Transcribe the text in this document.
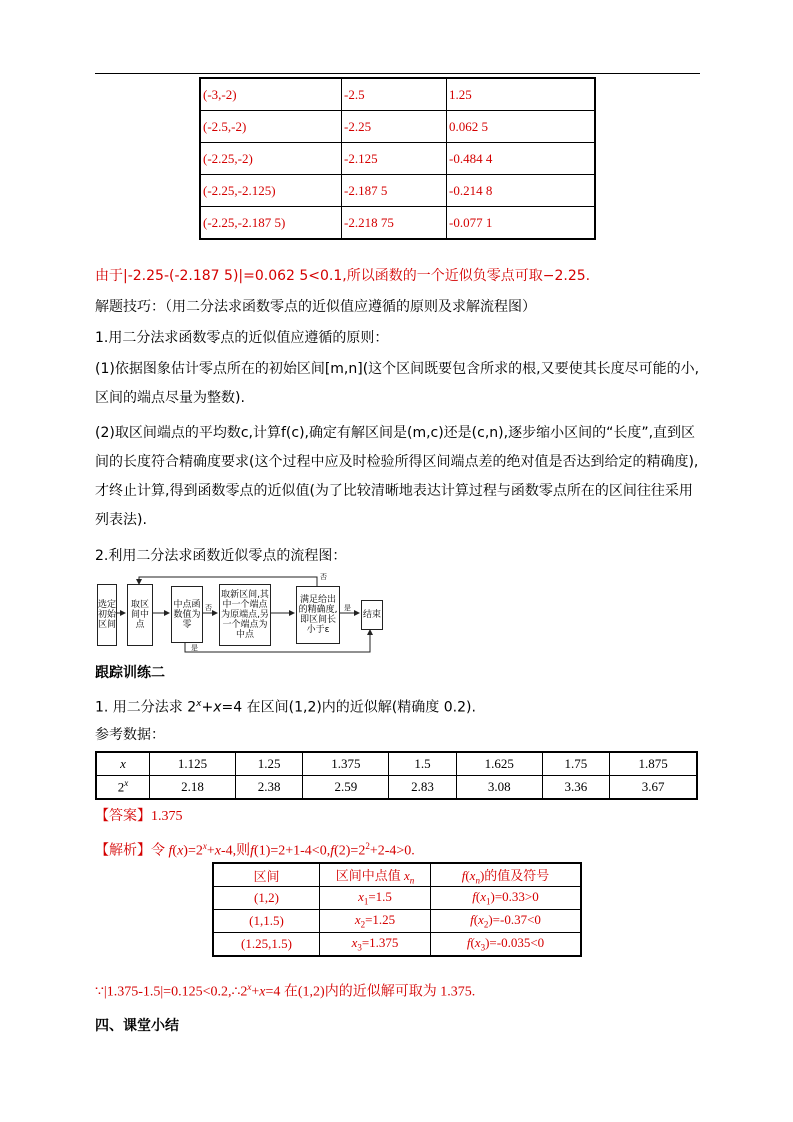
(-3,-2)	-2.5	1.25
(-2.5,-2)	-2.25	0.062 5
(-2.25,-2)	-2.125	-0.484 4
(-2.25,-2.125)	-2.187 5	-0.214 8
(-2.25,-2.187 5)	-2.218 75	-0.077 1

由于|-2.25-(-2.187 5)|=0.062 5<0.1,所以函数的一个近似负零点可取−2.25.

解题技巧：（用二分法求函数零点的近似值应遵循的原则及求解流程图）

1.用二分法求函数零点的近似值应遵循的原则：

(1)依据图象估计零点所在的初始区间[m,n](这个区间既要包含所求的根,又要使其长度尽可能的小,区间的端点尽量为整数).

(2)取区间端点的平均数c,计算f(c),确定有解区间是(m,c)还是(c,n),逐步缩小区间的“长度”,直到区间的长度符合精确度要求(这个过程中应及时检验所得区间端点差的绝对值是否达到给定的精确度),才终止计算,得到函数零点的近似值(为了比较清晰地表达计算过程与函数零点所在的区间往往采用列表法).

2.利用二分法求函数近似零点的流程图：

选定初始区间
取区间中点
中点函数值为零
取新区间,其中一个端点为原端点,另一个端点为中点
满足给出的精确度,即区间长小于ε
结束
否
否
是
是

跟踪训练二

1. 用二分法求 $2^x+x=4$ 在区间(1,2)内的近似解(精确度 0.2).

参考数据：

x	1.125	1.25	1.375	1.5	1.625	1.75	1.875
2$^x$	2.18	2.38	2.59	2.83	3.08	3.36	3.67

【答案】1.375

【解析】令 $f(x)=2^x+x-4$,则$f(1)=2+1-4<0,f(2)=2^2+2-4>0$.

区间	区间中点值 $x_n$	$f(x_n)$的值及符号
(1,2)	$x_1=1.5$	$f(x_1)=0.33>0$
(1,1.5)	$x_2=1.25$	$f(x_2)=-0.37<0$
(1.25,1.5)	$x_3=1.375$	$f(x_3)=-0.035<0$

$\because|1.375-1.5|=0.125<0.2,\therefore 2^x+x=4$ 在(1,2)内的近似解可取为 1.375.

四、课堂小结
